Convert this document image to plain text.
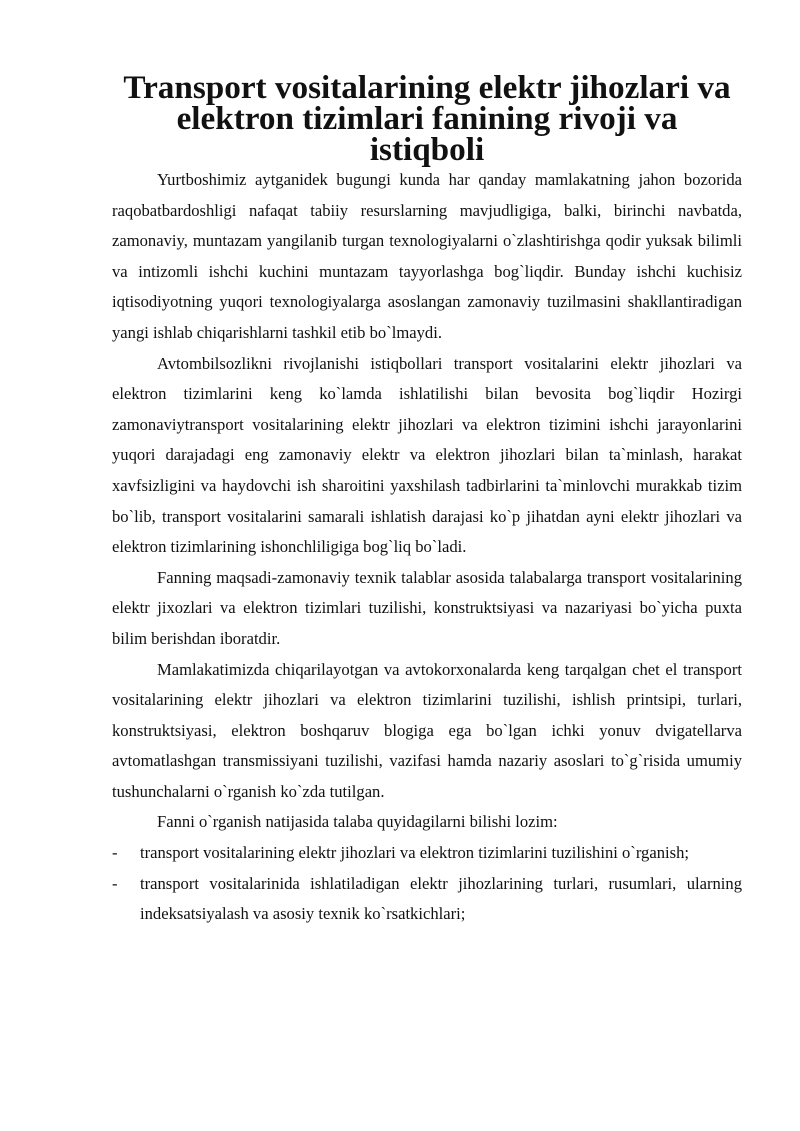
Transport vositalarining elektr jihozlari va elektron tizimlari fanining rivoji va istiqboli

Yurtboshimiz aytganidek bugungi kunda har qanday mamlakatning jahon bozorida raqobatbardoshligi nafaqat tabiiy resurslarning mavjudligiga, balki, birinchi navbatda, zamonaviy, muntazam yangilanib turgan texnologiyalarni o`zlashtirishga qodir yuksak bilimli va intizomli ishchi kuchini muntazam tayyorlashga bog`liqdir. Bunday ishchi kuchisiz iqtisodiyotning yuqori texnologiyalarga asoslangan zamonaviy tuzilmasini shakllantiradigan yangi ishlab chiqarishlarni tashkil etib bo`lmaydi.

Avtombilsozlikni rivojlanishi istiqbollari transport vositalarini elektr jihozlari va elektron tizimlarini keng ko`lamda ishlatilishi bilan bevosita bog`liqdir Hozirgi zamonaviytransport vositalarining elektr jihozlari va elektron tizimini ishchi jarayonlarini yuqori darajadagi eng zamonaviy elektr va elektron jihozlari bilan ta`minlash, harakat xavfsizligini va haydovchi ish sharoitini yaxshilash tadbirlarini ta`minlovchi murakkab tizim bo`lib, transport vositalarini samarali ishlatish darajasi ko`p jihatdan ayni elektr jihozlari va elektron tizimlarining ishonchliligiga bog`liq bo`ladi.

Fanning maqsadi-zamonaviy texnik talablar asosida talabalarga transport vositalarining elektr jixozlari va elektron tizimlari tuzilishi, konstruktsiyasi va nazariyasi bo`yicha puxta bilim berishdan iboratdir.

Mamlakatimizda chiqarilayotgan va avtokorxonalarda keng tarqalgan chet el transport vositalarining elektr jihozlari va elektron tizimlarini tuzilishi, ishlish printsipi, turlari, konstruktsiyasi, elektron boshqaruv blogiga ega bo`lgan ichki yonuv dvigatellarva avtomatlashgan transmissiyani tuzilishi, vazifasi hamda nazariy asoslari to`g`risida umumiy tushunchalarni o`rganish ko`zda tutilgan.

Fanni o`rganish natijasida talaba quyidagilarni bilishi lozim:

- transport vositalarining elektr jihozlari va elektron tizimlarini tuzilishini o`rganish;
- transport vositalarinida ishlatiladigan elektr jihozlarining turlari, rusumlari, ularning indeksatsiyalash va asosiy texnik ko`rsatkichlari;
